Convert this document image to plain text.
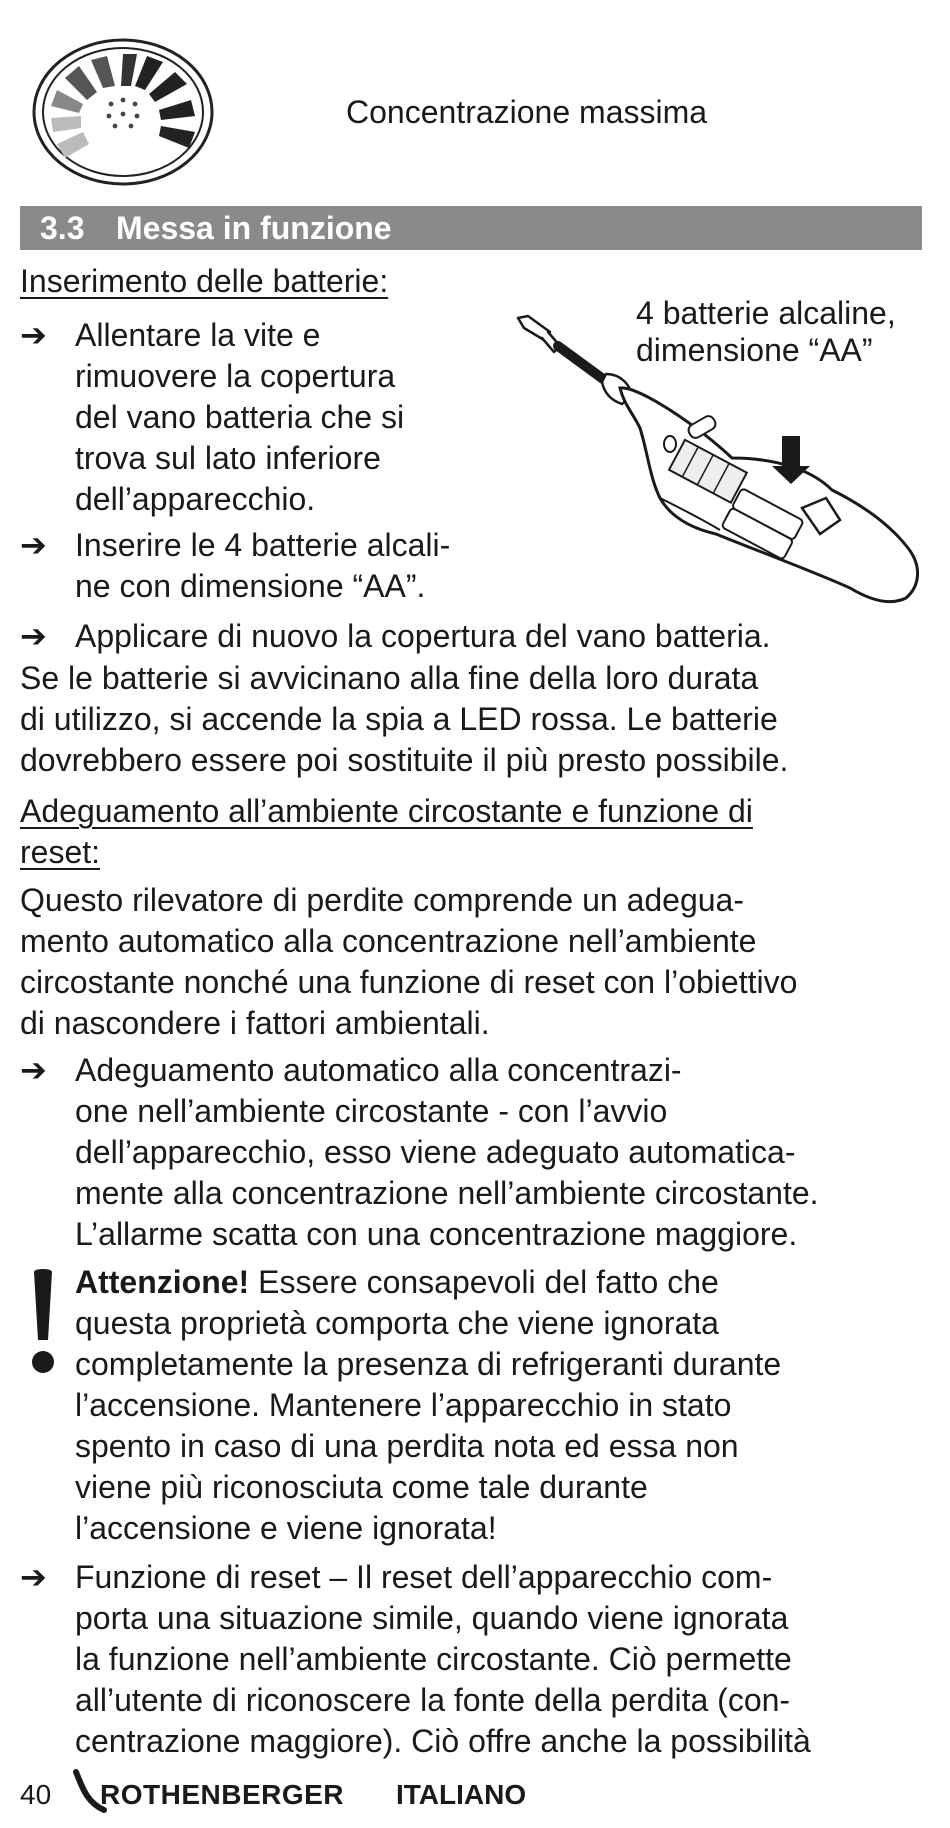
Concentrazione massima
3.3 Messa in funzione
Inserimento delle batterie:
➔ Allentare la vite e
rimuovere la copertura
del vano batteria che si
trova sul lato inferiore
dell’apparecchio.
➔ Inserire le 4 batterie alcali-
ne con dimensione “AA”.
➔ Applicare di nuovo la copertura del vano batteria.
4 batterie alcaline,
dimensione “AA”
Se le batterie si avvicinano alla fine della loro durata
di utilizzo, si accende la spia a LED rossa. Le batterie
dovrebbero essere poi sostituite il più presto possibile.
Adeguamento all’ambiente circostante e funzione di
reset:
Questo rilevatore di perdite comprende un adegua-
mento automatico alla concentrazione nell’ambiente
circostante nonché una funzione di reset con l’obiettivo
di nascondere i fattori ambientali.
➔ Adeguamento automatico alla concentrazi-
one nell’ambiente circostante - con l’avvio
dell’apparecchio, esso viene adeguato automatica-
mente alla concentrazione nell’ambiente circostante.
L’allarme scatta con una concentrazione maggiore.
Attenzione! Essere consapevoli del fatto che
questa proprietà comporta che viene ignorata
completamente la presenza di refrigeranti durante
l’accensione. Mantenere l’apparecchio in stato
spento in caso di una perdita nota ed essa non
viene più riconosciuta come tale durante
l’accensione e viene ignorata!
➔ Funzione di reset – Il reset dell’apparecchio com-
porta una situazione simile, quando viene ignorata
la funzione nell’ambiente circostante. Ciò permette
all’utente di riconoscere la fonte della perdita (con-
centrazione maggiore). Ciò offre anche la possibilità
40 ROTHENBERGER ITALIANO
